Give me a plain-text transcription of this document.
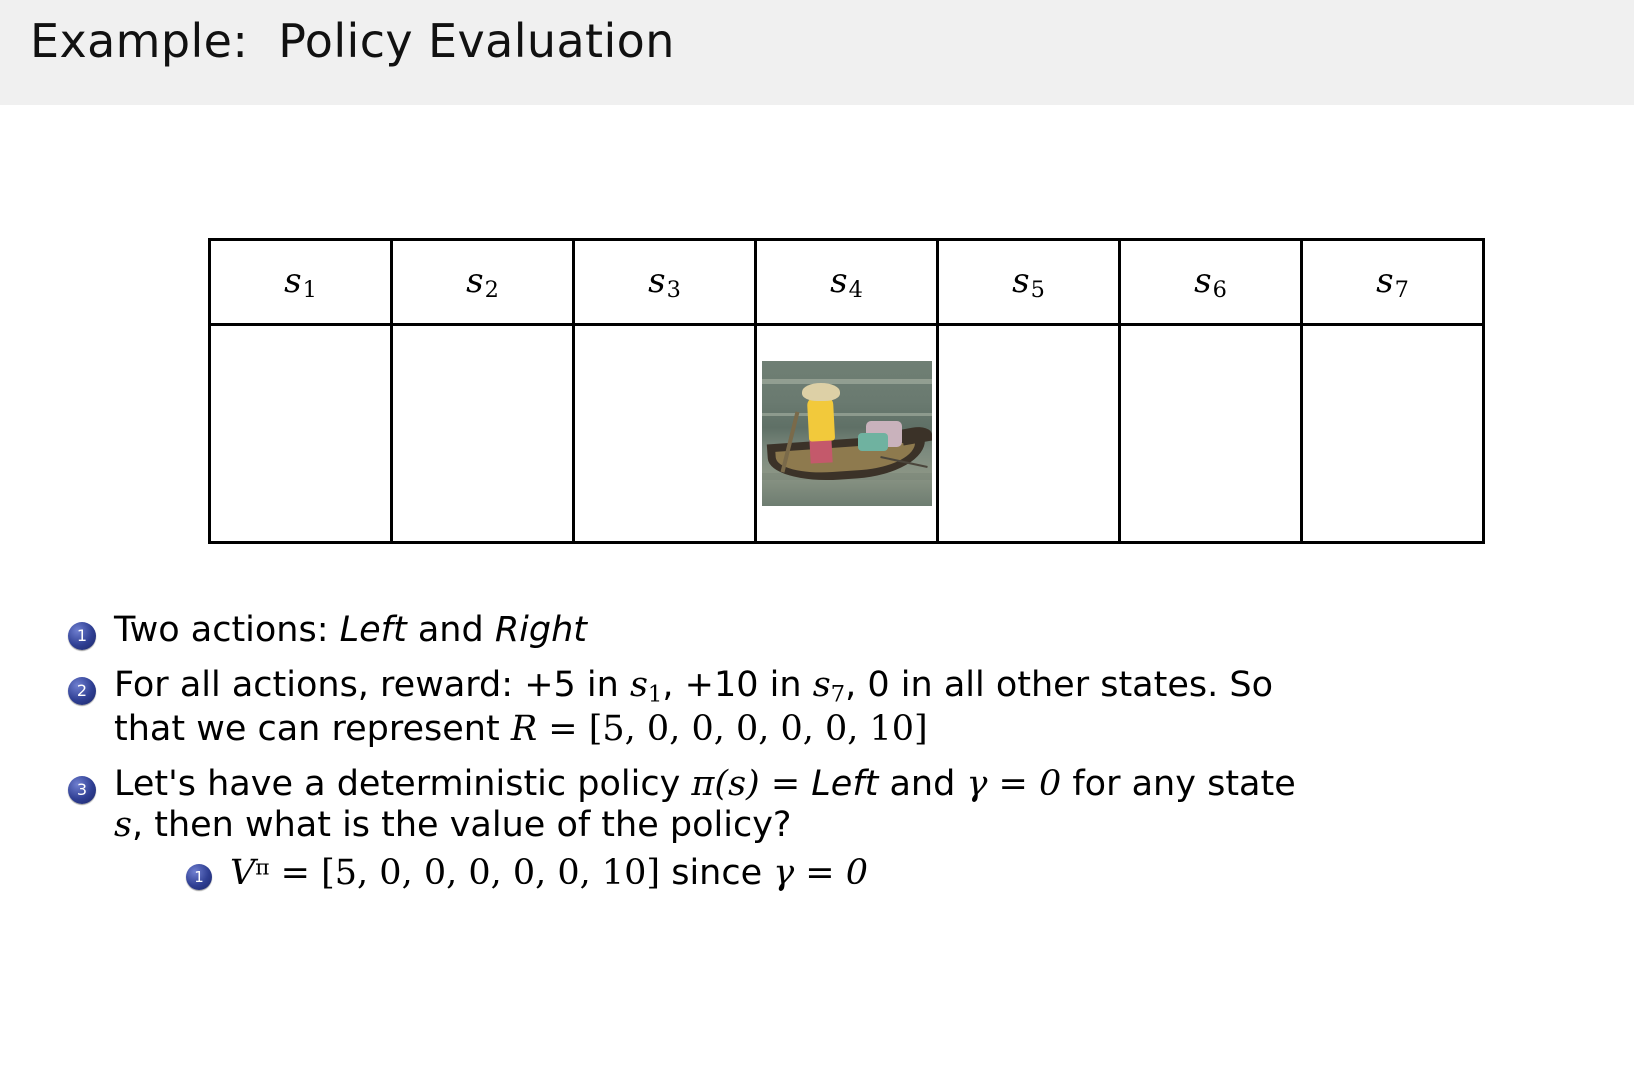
Example:  Policy Evaluation
$s_1$	$s_2$	$s_3$	$s_4$	$s_5$	$s_6$	$s_7$

1 Two actions: Left and Right
2 For all actions, reward: +5 in $s_1$, +10 in $s_7$, 0 in all other states. So
that we can represent R = [5, 0, 0, 0, 0, 0, 10]
3 Let's have a deterministic policy π(s) = Left and γ = 0 for any state
s, then what is the value of the policy?
1 $V^\pi = [5$, 0, 0, 0, 0, 0, 10] since γ = 0
